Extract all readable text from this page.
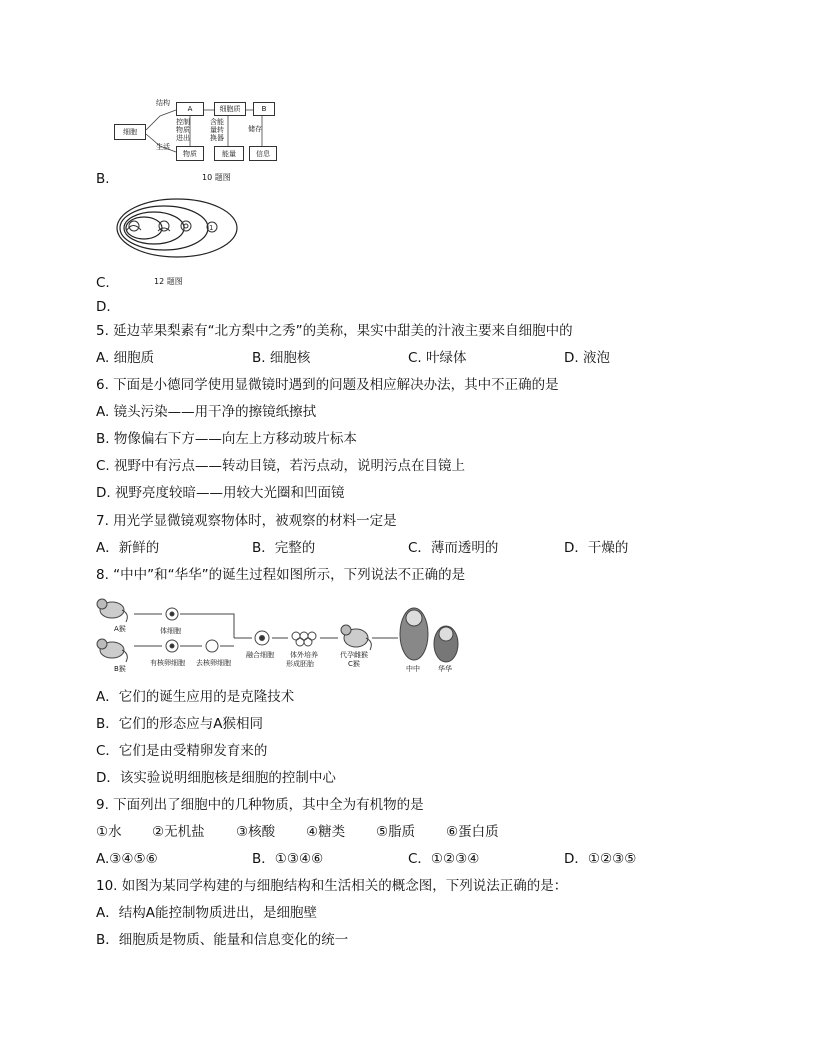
细胞
结构
生活
A
控制
物质
进出
物质
细胞质
含能
量转
换器
能量
B
储存
信息
10 题图
B.
1
12 题图
C.
D.
5. 延边苹果梨素有“北方梨中之秀”的美称，果实中甜美的汁液主要来自细胞中的
A. 细胞质	B. 细胞核	C. 叶绿体	D. 液泡
6. 下面是小德同学使用显微镜时遇到的问题及相应解决办法，其中不正确的是
A. 镜头污染——用干净的擦镜纸擦拭
B. 物像偏右下方——向左上方移动玻片标本
C. 视野中有污点——转动目镜，若污点动，说明污点在目镜上
D. 视野亮度较暗——用较大光圈和凹面镜
7. 用光学显微镜观察物体时，被观察的材料一定是
A．新鲜的	B．完整的	C．薄而透明的	D．干燥的
8. “中中”和“华华”的诞生过程如图所示，下列说法不正确的是
A猴
B猴
体细胞
有核卵细胞 去核卵细胞
融合细胞 体外培养
形成胚胎
代孕雌猴
C猴
中中	华华
A．它们的诞生应用的是克隆技术
B．它们的形态应与A猴相同
C．它们是由受精卵发育来的
D．该实验说明细胞核是细胞的控制中心
9. 下面列出了细胞中的几种物质，其中全为有机物的是
①水 ②无机盐 ③核酸 ④糖类 ⑤脂质 ⑥蛋白质
A.③④⑤⑥	B．①③④⑥	C．①②③④	D．①②③⑤
10. 如图为某同学构建的与细胞结构和生活相关的概念图，下列说法正确的是：
A．结构A能控制物质进出，是细胞壁
B．细胞质是物质、能量和信息变化的统一
